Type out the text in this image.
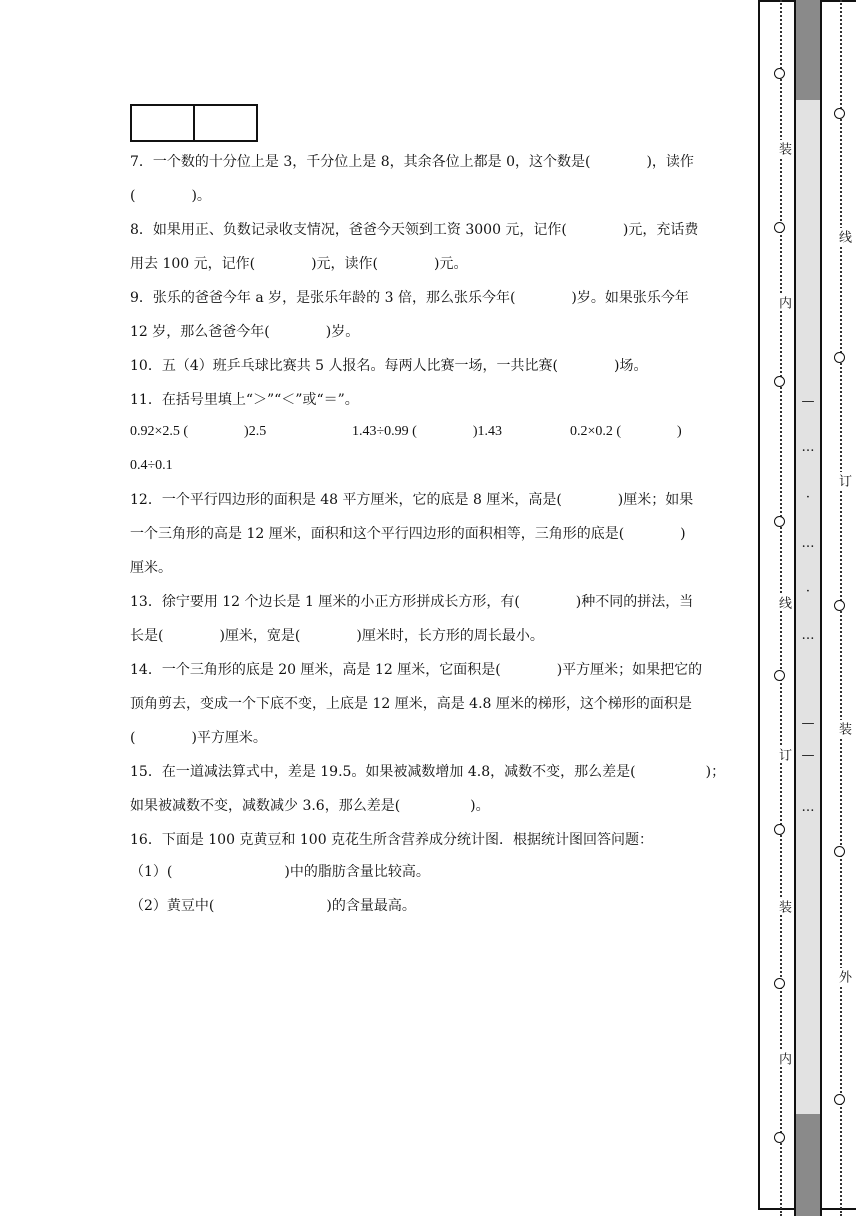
7．一个数的十分位上是 3，千分位上是 8，其余各位上都是 0，这个数是(　　　　)，读作
(　　　　)。
8．如果用正、负数记录收支情况，爸爸今天领到工资 3000 元，记作(　　　　)元，充话费
用去 100 元，记作(　　　　)元，读作(　　　　)元。
9．张乐的爸爸今年 a 岁，是张乐年龄的 3 倍，那么张乐今年(　　　　)岁。如果张乐今年
12 岁，那么爸爸今年(　　　　)岁。
10．五（4）班乒乓球比赛共 5 人报名。每两人比赛一场，一共比赛(　　　　)场。
11．在括号里填上“＞”“＜”或“＝”。
0.92×2.5 (　　　　)2.5	1.43÷0.99 (　　　　)1.43	0.2×0.2 (　　　　)
0.4÷0.1
12．一个平行四边形的面积是 48 平方厘米，它的底是 8 厘米，高是(　　　　)厘米；如果
一个三角形的高是 12 厘米，面积和这个平行四边形的面积相等，三角形的底是(　　　　)
厘米。
13．徐宁要用 12 个边长是 1 厘米的小正方形拼成长方形，有(　　　　)种不同的拼法，当
长是(　　　　)厘米，宽是(　　　　)厘米时，长方形的周长最小。
14．一个三角形的底是 20 厘米，高是 12 厘米，它面积是(　　　　)平方厘米；如果把它的
顶角剪去，变成一个下底不变，上底是 12 厘米，高是 4.8 厘米的梯形，这个梯形的面积是
(　　　　)平方厘米。
15．在一道减法算式中，差是 19.5。如果被减数增加 4.8，减数不变，那么差是(　　　　　)；
如果被减数不变，减数减少 3.6，那么差是(　　　　　)。
16．下面是 100 克黄豆和 100 克花生所含营养成分统计图．根据统计图回答问题：
（1）(　　　　　　　　)中的脂肪含量比较高。
（2）黄豆中(　　　　　　　　)的含量最高。
装
内
线
订
装
内
—
…
·
…
·
…
—
—
…
线
订
装
外
